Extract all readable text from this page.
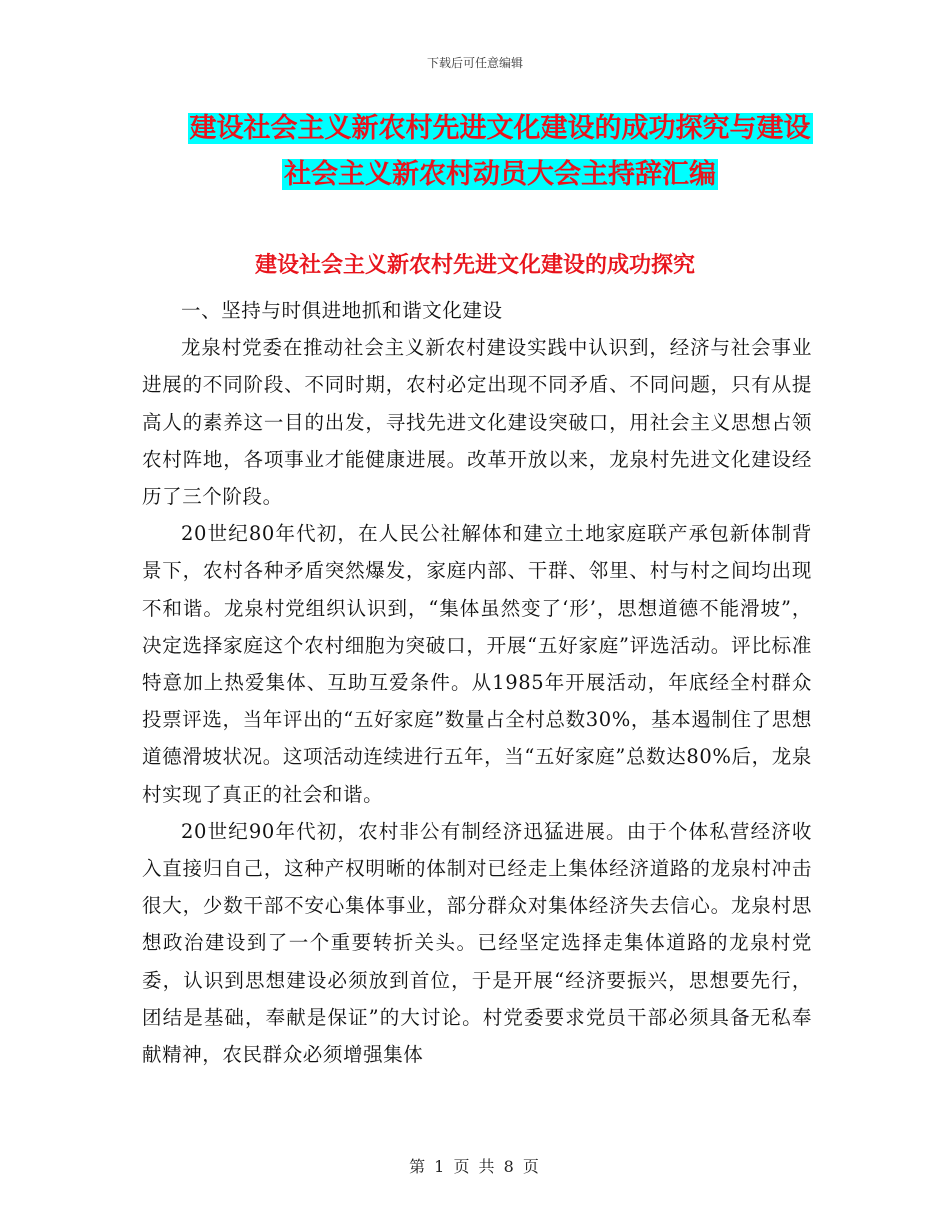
下载后可任意编辑
建设社会主义新农村先进文化建设的成功探究与建设
社会主义新农村动员大会主持辞汇编
建设社会主义新农村先进文化建设的成功探究

一、坚持与时俱进地抓和谐文化建设

龙泉村党委在推动社会主义新农村建设实践中认识到，经济与社会事业进展的不同阶段、不同时期，农村必定出现不同矛盾、不同问题，只有从提高人的素养这一目的出发，寻找先进文化建设突破口，用社会主义思想占领农村阵地，各项事业才能健康进展。改革开放以来，龙泉村先进文化建设经历了三个阶段。

20世纪80年代初，在人民公社解体和建立土地家庭联产承包新体制背景下，农村各种矛盾突然爆发，家庭内部、干群、邻里、村与村之间均出现不和谐。龙泉村党组织认识到，“集体虽然变了‘形’，思想道德不能滑坡”，决定选择家庭这个农村细胞为突破口，开展“五好家庭”评选活动。评比标准特意加上热爱集体、互助互爱条件。从1985年开展活动，年底经全村群众投票评选，当年评出的“五好家庭”数量占全村总数30%，基本遏制住了思想道德滑坡状况。这项活动连续进行五年，当“五好家庭”总数达80%后，龙泉村实现了真正的社会和谐。

20世纪90年代初，农村非公有制经济迅猛进展。由于个体私营经济收入直接归自己，这种产权明晰的体制对已经走上集体经济道路的龙泉村冲击很大，少数干部不安心集体事业，部分群众对集体经济失去信心。龙泉村思想政治建设到了一个重要转折关头。已经坚定选择走集体道路的龙泉村党委，认识到思想建设必须放到首位，于是开展“经济要振兴，思想要先行，团结是基础，奉献是保证”的大讨论。村党委要求党员干部必须具备无私奉献精神，农民群众必须增强集体

第 1 页 共 8 页
